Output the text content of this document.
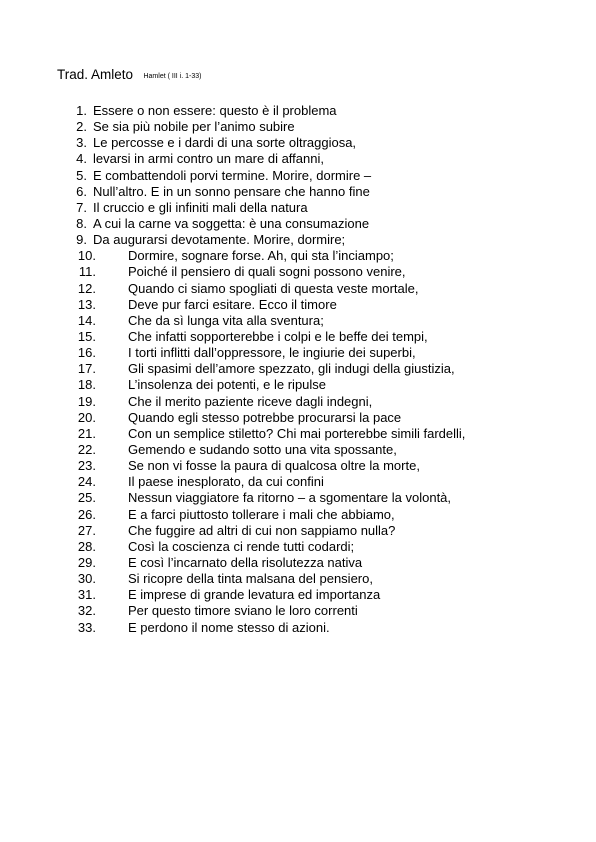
Trad. Amleto Hamlet ( III i. 1-33)
1. Essere o non essere: questo è il problema
2. Se sia più nobile per l’animo subire
3. Le percosse e i dardi di una sorte oltraggiosa,
4. levarsi in armi contro un mare di affanni,
5. E combattendoli porvi termine. Morire, dormire –
6. Null’altro. E in un sonno pensare che hanno fine
7. Il cruccio e gli infiniti mali della natura
8. A cui la carne va soggetta: è una consumazione
9. Da augurarsi devotamente. Morire, dormire;
10. Dormire, sognare forse. Ah, qui sta l’inciampo;
11. Poiché il pensiero di quali sogni possono venire,
12. Quando ci siamo spogliati di questa veste mortale,
13. Deve pur farci esitare. Ecco il timore
14. Che da sì lunga vita alla sventura;
15. Che infatti sopporterebbe i colpi e le beffe dei tempi,
16. I torti inflitti dall’oppressore, le ingiurie dei superbi,
17. Gli spasimi dell’amore spezzato, gli indugi della giustizia,
18. L’insolenza dei potenti, e le ripulse
19. Che il merito paziente riceve dagli indegni,
20. Quando egli stesso potrebbe procurarsi la pace
21. Con un semplice stiletto? Chi mai porterebbe simili fardelli,
22. Gemendo e sudando sotto una vita spossante,
23. Se non vi fosse la paura di qualcosa oltre la morte,
24. Il paese inesplorato, da cui confini
25. Nessun viaggiatore fa ritorno – a sgomentare la volontà,
26. E a farci piuttosto tollerare i mali che abbiamo,
27. Che fuggire ad altri di cui non sappiamo nulla?
28. Così la coscienza ci rende tutti codardi;
29. E così l’incarnato della risolutezza nativa
30. Si ricopre della tinta malsana del pensiero,
31. E imprese di grande levatura ed importanza
32. Per questo timore sviano le loro correnti
33. E perdono il nome stesso di azioni.
